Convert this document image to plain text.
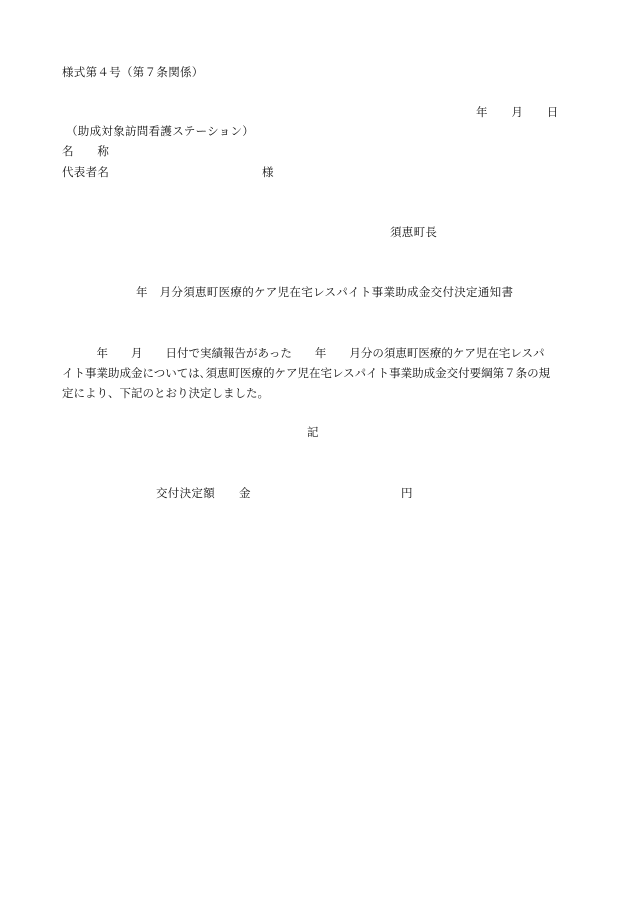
様式第４号（第７条関係）
年　　月　　日
（助成対象訪問看護ステーション）
名　　称
代表者名	様
須恵町長
年　月分須恵町医療的ケア児在宅レスパイト事業助成金交付決定通知書
　　　年　　月　　日付で実績報告があった　　年　　月分の須恵町医療的ケア児在宅レスパ
イト事業助成金については､須恵町医療的ケア児在宅レスパイト事業助成金交付要綱第７条の規
定により、下記のとおり決定しました。
記
交付決定額 金	円
